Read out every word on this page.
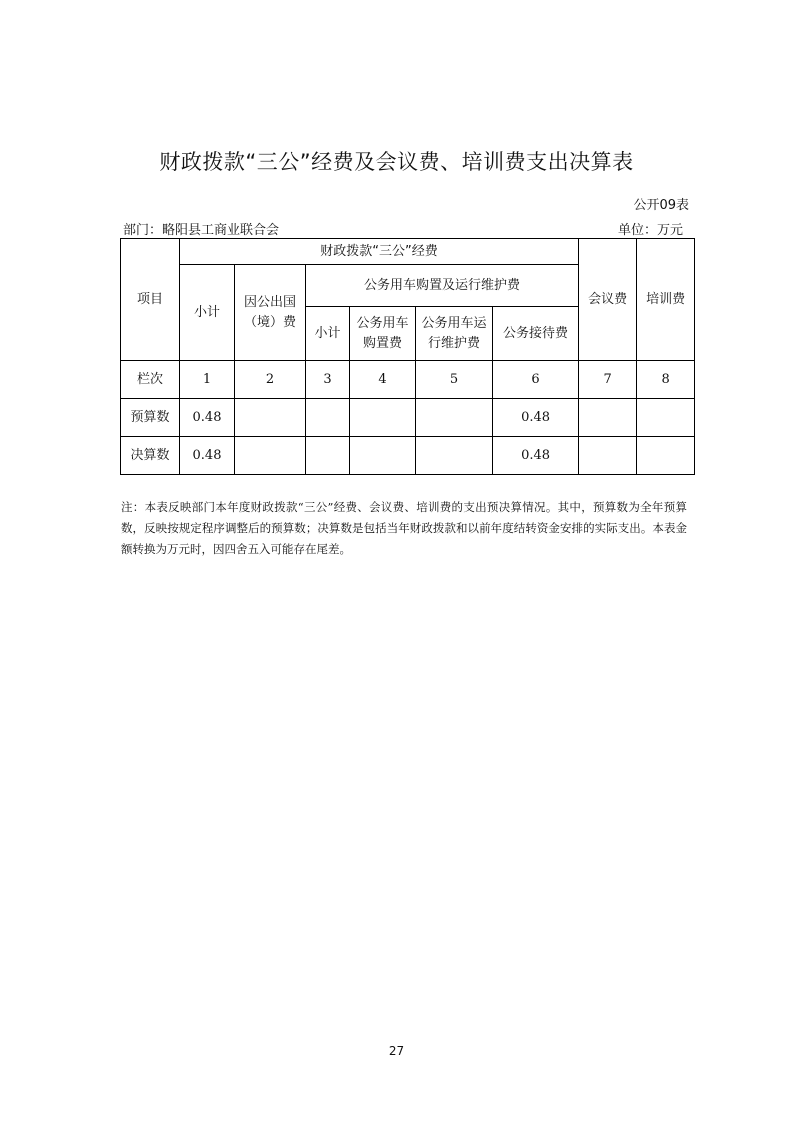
财政拨款“三公”经费及会议费、培训费支出决算表
公开09表
部门：略阳县工商业联合会	单位：万元
项目	财政拨款“三公”经费						会议费	培训费
	小计	因公出国（境）费	公务用车购置及运行维护费					
			小计	公务用车购置费	公务用车运行维护费	公务接待费		
栏次	1	2	3	4	5	6	7	8
预算数	0.48					0.48		
决算数	0.48					0.48		
注：本表反映部门本年度财政拨款“三公”经费、会议费、培训费的支出预决算情况。其中，预算数为全年预算数，反映按规定程序调整后的预算数；决算数是包括当年财政拨款和以前年度结转资金安排的实际支出。本表金额转换为万元时，因四舍五入可能存在尾差。
27
